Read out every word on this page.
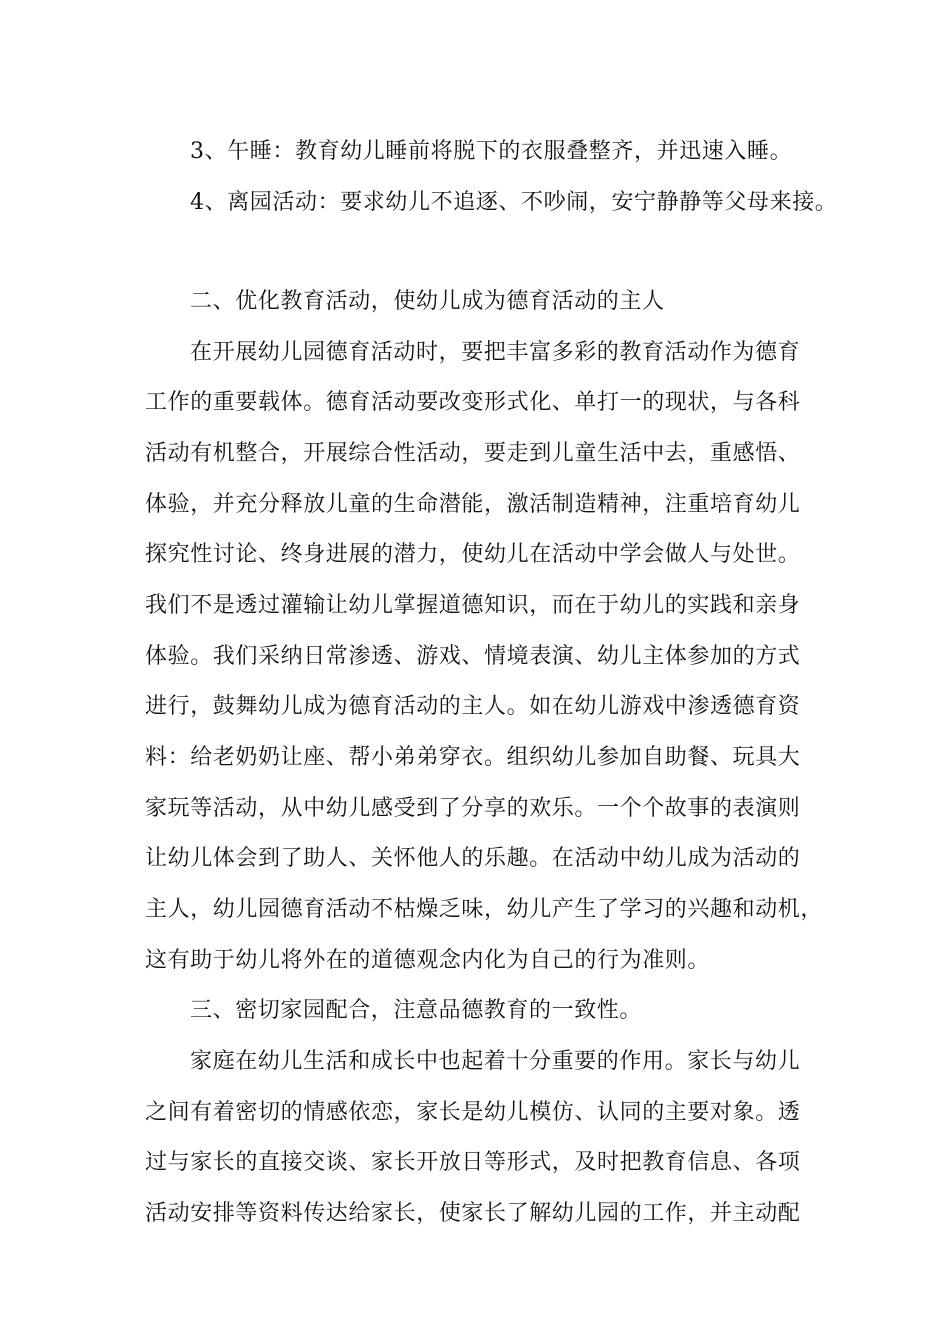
3、午睡：教育幼儿睡前将脱下的衣服叠整齐，并迅速入睡。
4、离园活动：要求幼儿不追逐、不吵闹，安宁静静等父母来接。
二、优化教育活动，使幼儿成为德育活动的主人
在开展幼儿园德育活动时，要把丰富多彩的教育活动作为德育
工作的重要载体。德育活动要改变形式化、单打一的现状，与各科
活动有机整合，开展综合性活动，要走到儿童生活中去，重感悟、
体验，并充分释放儿童的生命潜能，激活制造精神，注重培育幼儿
探究性讨论、终身进展的潜力，使幼儿在活动中学会做人与处世。
我们不是透过灌输让幼儿掌握道德知识，而在于幼儿的实践和亲身
体验。我们采纳日常渗透、游戏、情境表演、幼儿主体参加的方式
进行，鼓舞幼儿成为德育活动的主人。如在幼儿游戏中渗透德育资
料：给老奶奶让座、帮小弟弟穿衣。组织幼儿参加自助餐、玩具大
家玩等活动，从中幼儿感受到了分享的欢乐。一个个故事的表演则
让幼儿体会到了助人、关怀他人的乐趣。在活动中幼儿成为活动的
主人，幼儿园德育活动不枯燥乏味，幼儿产生了学习的兴趣和动机，
这有助于幼儿将外在的道德观念内化为自己的行为准则。
三、密切家园配合，注意品德教育的一致性。
家庭在幼儿生活和成长中也起着十分重要的作用。家长与幼儿
之间有着密切的情感依恋，家长是幼儿模仿、认同的主要对象。透
过与家长的直接交谈、家长开放日等形式，及时把教育信息、各项
活动安排等资料传达给家长，使家长了解幼儿园的工作，并主动配
